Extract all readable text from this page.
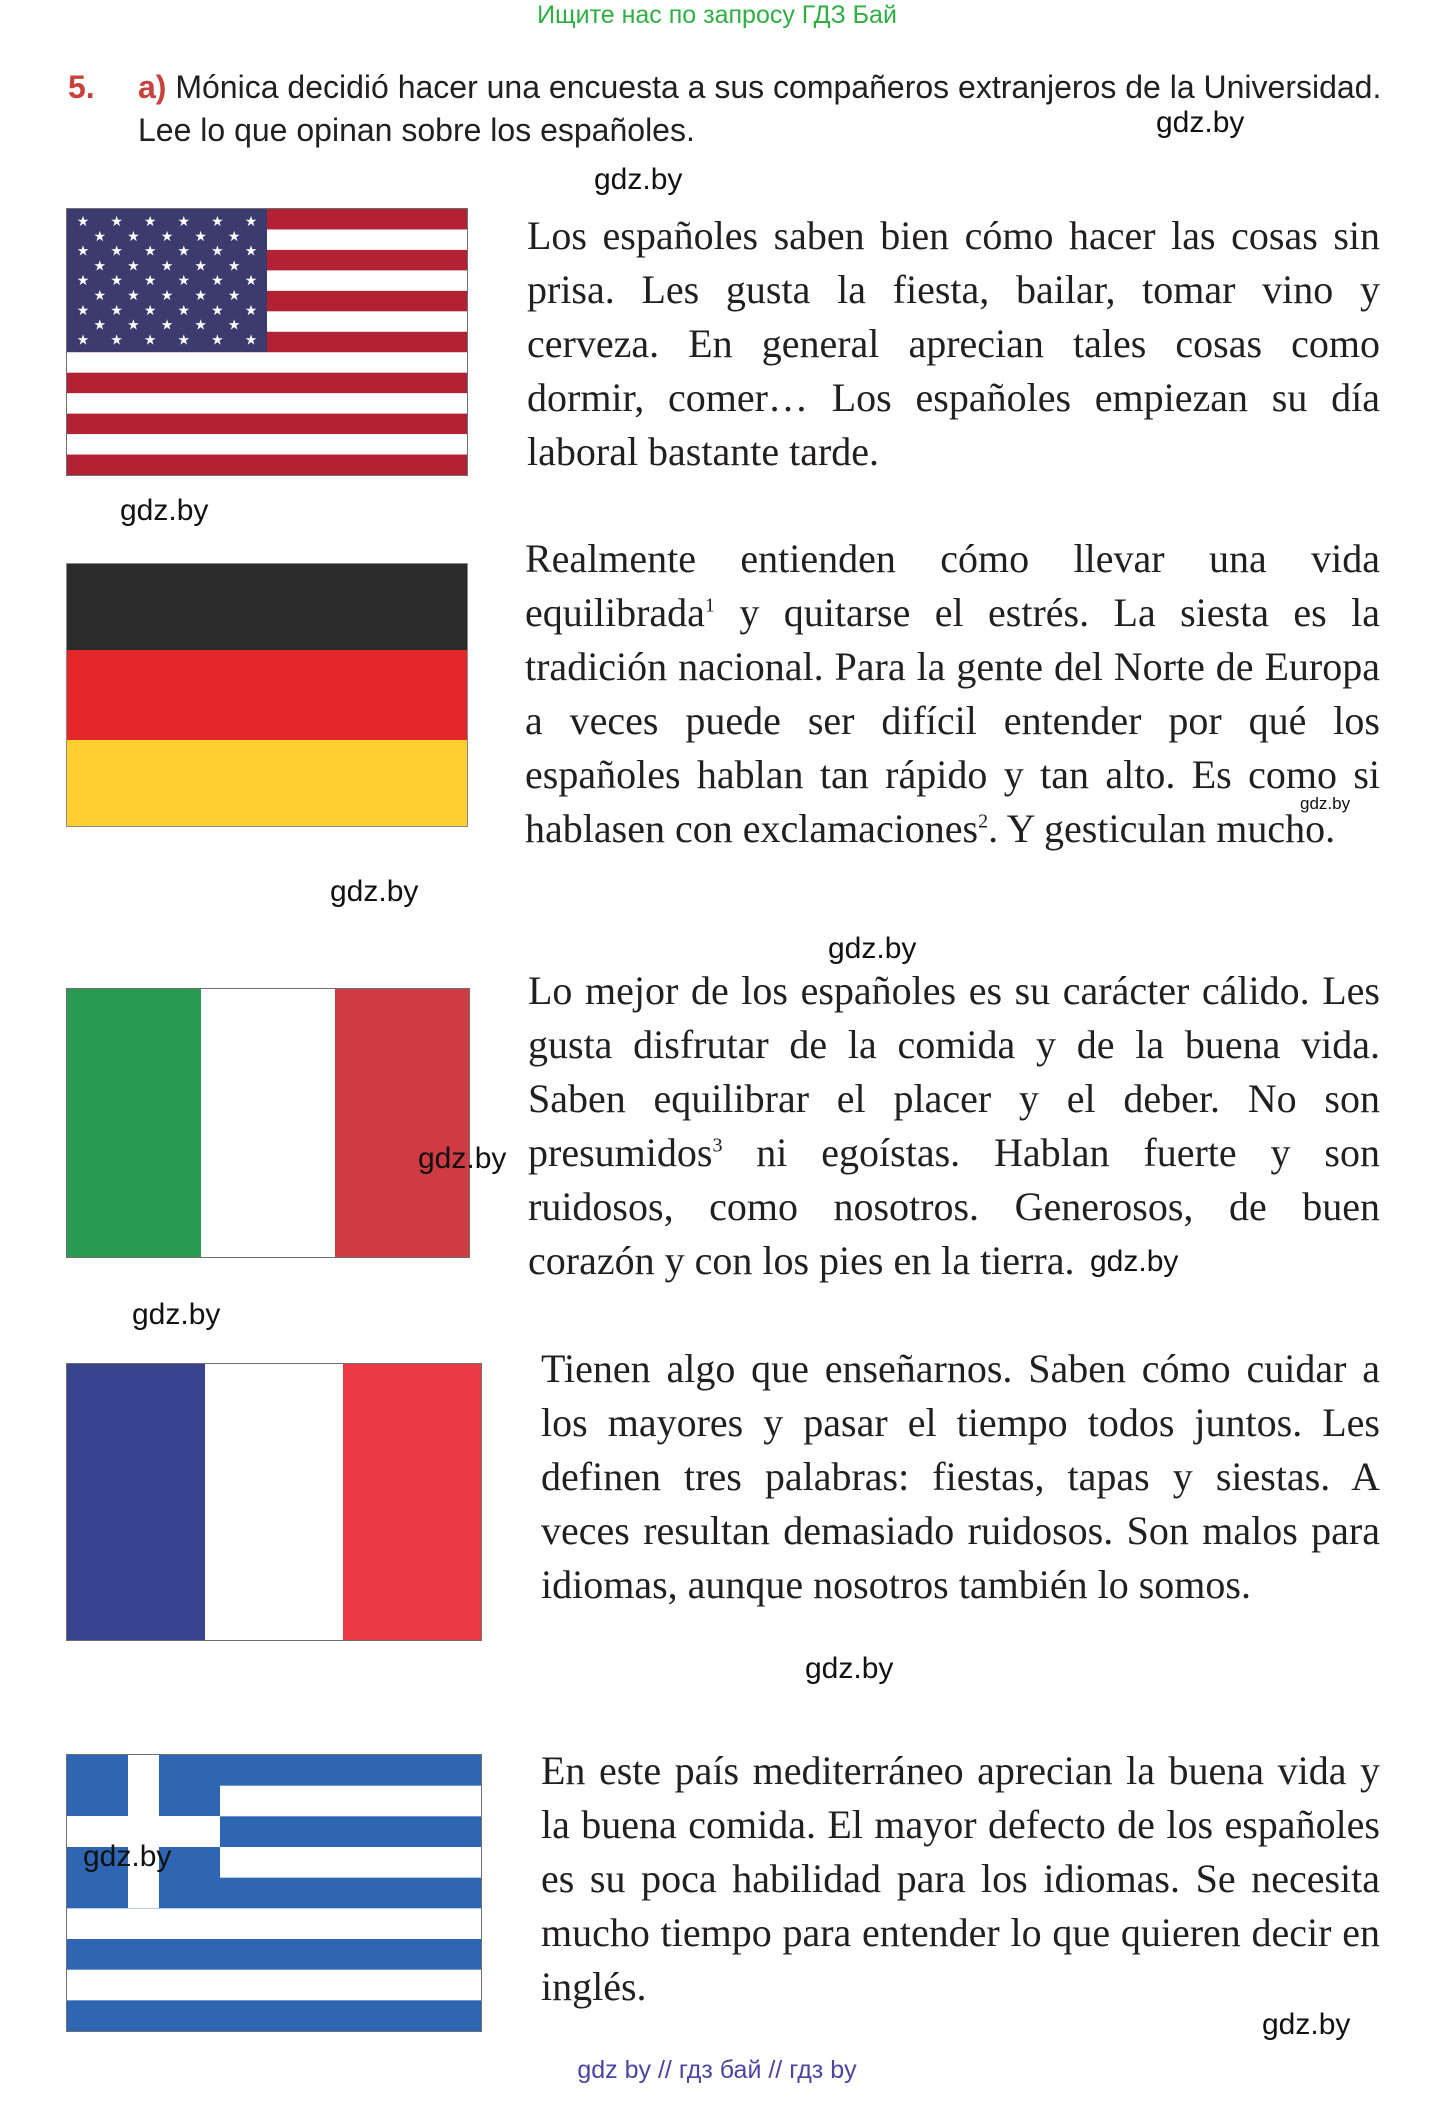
Ищите нас по запросу ГДЗ Бай
5. a) Mónica decidió hacer una encuesta a sus compañeros extranjeros de la Universidad. Lee lo que opinan sobre los españoles.
★ ★ ★ ★ ★ ★
★ ★ ★ ★ ★
★ ★ ★ ★ ★ ★
★ ★ ★ ★ ★
★ ★ ★ ★ ★ ★
★ ★ ★ ★ ★
★ ★ ★ ★ ★ ★
★ ★ ★ ★ ★
★ ★ ★ ★ ★ ★
Los españoles saben bien cómo hacer las cosas sin prisa. Les gusta la fiesta, bailar, tomar vino y cerveza. En general aprecian tales cosas como dormir, comer… Los españoles empiezan su día laboral bastante tarde.
Realmente entienden cómo llevar una vida equilibrada$^1$ y quitarse el estrés. La siesta es la tradición nacional. Para la gente del Norte de Europa a veces puede ser difícil entender por qué los españoles hablan tan rápido y tan alto. Es como si hablasen con exclamaciones$^2$. Y gesticulan mucho.
Lo mejor de los españoles es su carácter cálido. Les gusta disfrutar de la comida y de la buena vida. Saben equilibrar el placer y el deber. No son presumidos$^3$ ni egoístas. Hablan fuerte y son ruidosos, como nosotros. Generosos, de buen corazón y con los pies en la tierra.
Tienen algo que enseñarnos. Saben cómo cuidar a los mayores y pasar el tiempo todos juntos. Les definen tres palabras: fiestas, tapas y siestas. A veces resultan demasiado ruidosos. Son malos para idiomas, aunque nosotros también lo somos.
En este país mediterráneo aprecian la buena vida y la buena comida. El mayor defecto de los españoles es su poca habilidad para los idiomas. Se necesita mucho tiempo para entender lo que quieren decir en inglés.
gdz.by
gdz.by
gdz.by
gdz.by
gdz.by
gdz.by
gdz.by
gdz.by
gdz.by
gdz.by
gdz.by
gdz.by
gdz by // гдз бай // гдз by
